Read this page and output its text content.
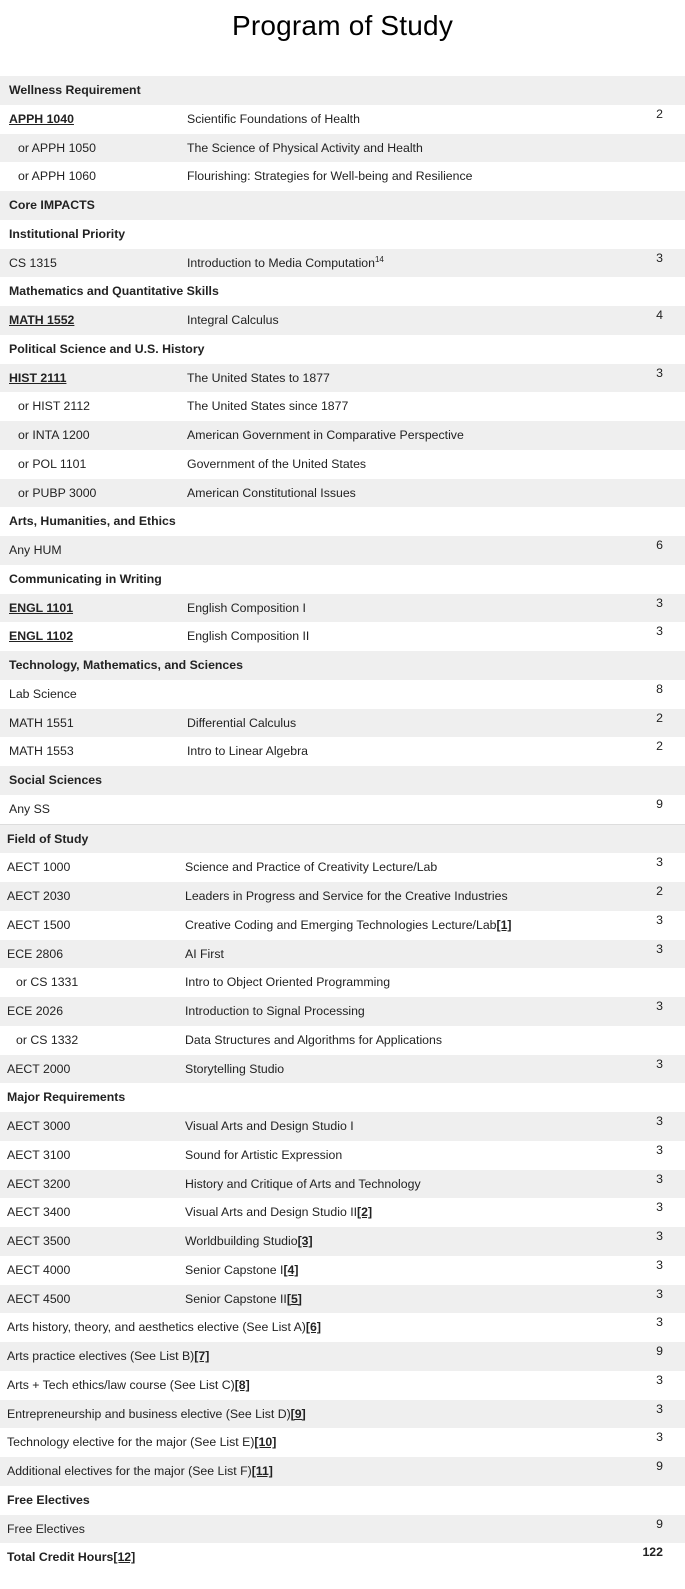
Program of Study
Wellness Requirement
APPH 1040	Scientific Foundations of Health	2
or APPH 1050	The Science of Physical Activity and Health
or APPH 1060	Flourishing: Strategies for Well-being and Resilience
Core IMPACTS
Institutional Priority
CS 1315	Introduction to Media Computation$^{14}$	3
Mathematics and Quantitative Skills
MATH 1552	Integral Calculus	4
Political Science and U.S. History
HIST 2111	The United States to 1877	3
or HIST 2112	The United States since 1877
or INTA 1200	American Government in Comparative Perspective
or POL 1101	Government of the United States
or PUBP 3000	American Constitutional Issues
Arts, Humanities, and Ethics
Any HUM	6
Communicating in Writing
ENGL 1101	English Composition I	3
ENGL 1102	English Composition II	3
Technology, Mathematics, and Sciences
Lab Science	8
MATH 1551	Differential Calculus	2
MATH 1553	Intro to Linear Algebra	2
Social Sciences
Any SS	9
Field of Study
AECT 1000	Science and Practice of Creativity Lecture/Lab	3
AECT 2030	Leaders in Progress and Service for the Creative Industries	2
AECT 1500	Creative Coding and Emerging Technologies Lecture/Lab[1]	3
ECE 2806	AI First	3
or CS 1331	Intro to Object Oriented Programming
ECE 2026	Introduction to Signal Processing	3
or CS 1332	Data Structures and Algorithms for Applications
AECT 2000	Storytelling Studio	3
Major Requirements
AECT 3000	Visual Arts and Design Studio I	3
AECT 3100	Sound for Artistic Expression	3
AECT 3200	History and Critique of Arts and Technology	3
AECT 3400	Visual Arts and Design Studio II[2]	3
AECT 3500	Worldbuilding Studio[3]	3
AECT 4000	Senior Capstone I[4]	3
AECT 4500	Senior Capstone II[5]	3
Arts history, theory, and aesthetics elective (See List A)[6]	3
Arts practice electives (See List B)[7]	9
Arts + Tech ethics/law course (See List C)[8]	3
Entrepreneurship and business elective (See List D)[9]	3
Technology elective for the major (See List E)[10]	3
Additional electives for the major (See List F)[11]	9
Free Electives
Free Electives	9
Total Credit Hours[12]	122
